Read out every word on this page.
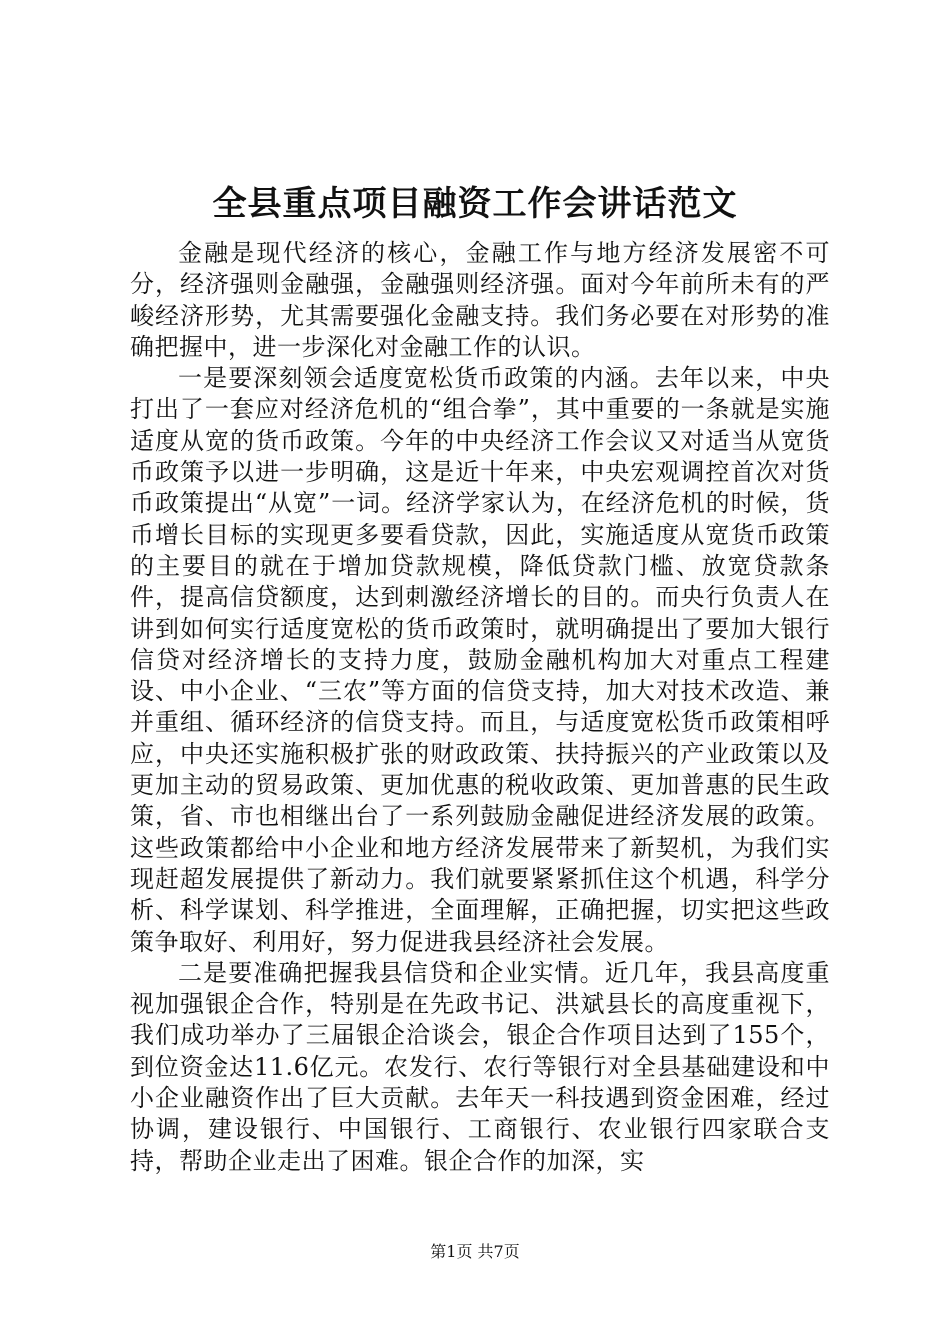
全县重点项目融资工作会讲话范文

金融是现代经济的核心，金融工作与地方经济发展密不可分，经济强则金融强，金融强则经济强。面对今年前所未有的严峻经济形势，尤其需要强化金融支持。我们务必要在对形势的准确把握中，进一步深化对金融工作的认识。

一是要深刻领会适度宽松货币政策的内涵。去年以来，中央打出了一套应对经济危机的“组合拳”，其中重要的一条就是实施适度从宽的货币政策。今年的中央经济工作会议又对适当从宽货币政策予以进一步明确，这是近十年来，中央宏观调控首次对货币政策提出“从宽”一词。经济学家认为，在经济危机的时候，货币增长目标的实现更多要看贷款，因此，实施适度从宽货币政策的主要目的就在于增加贷款规模，降低贷款门槛、放宽贷款条件，提高信贷额度，达到刺激经济增长的目的。而央行负责人在讲到如何实行适度宽松的货币政策时，就明确提出了要加大银行信贷对经济增长的支持力度，鼓励金融机构加大对重点工程建设、中小企业、“三农”等方面的信贷支持，加大对技术改造、兼并重组、循环经济的信贷支持。而且，与适度宽松货币政策相呼应，中央还实施积极扩张的财政政策、扶持振兴的产业政策以及更加主动的贸易政策、更加优惠的税收政策、更加普惠的民生政策，省、市也相继出台了一系列鼓励金融促进经济发展的政策。这些政策都给中小企业和地方经济发展带来了新契机，为我们实现赶超发展提供了新动力。我们就要紧紧抓住这个机遇，科学分析、科学谋划、科学推进，全面理解，正确把握，切实把这些政策争取好、利用好，努力促进我县经济社会发展。

二是要准确把握我县信贷和企业实情。近几年，我县高度重视加强银企合作，特别是在先政书记、洪斌县长的高度重视下，我们成功举办了三届银企洽谈会，银企合作项目达到了155个，到位资金达11.6亿元。农发行、农行等银行对全县基础建设和中小企业融资作出了巨大贡献。去年天一科技遇到资金困难，经过协调，建设银行、中国银行、工商银行、农业银行四家联合支持，帮助企业走出了困难。银企合作的加深，实

第1页 共7页
